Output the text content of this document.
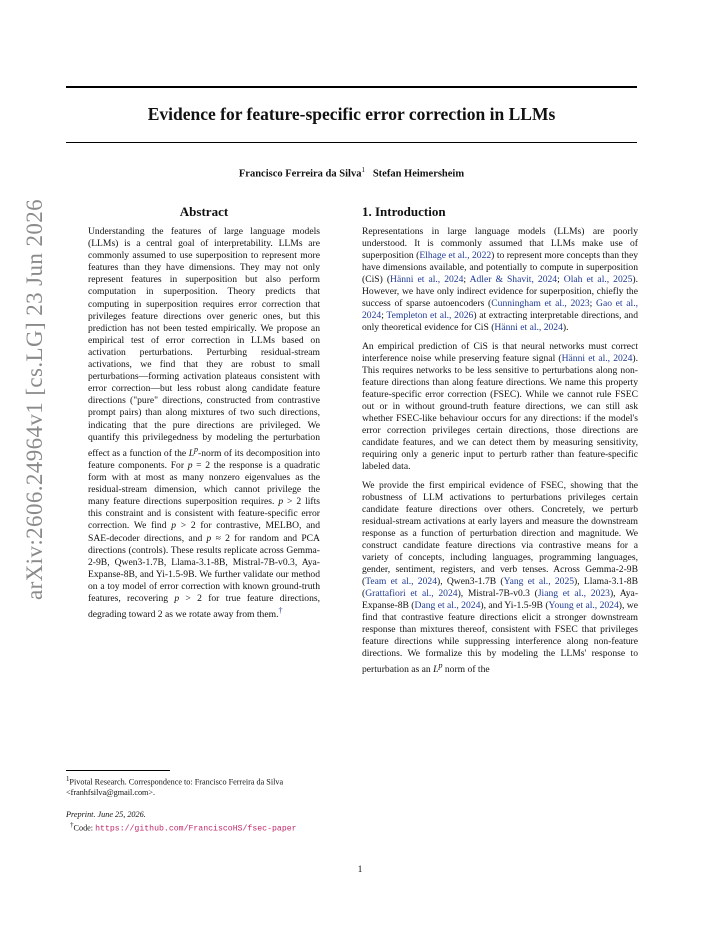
arXiv:2606.24964v1 [cs.LG] 23 Jun 2026
Evidence for feature-specific error correction in LLMs
Francisco Ferreira da Silva$^1$ Stefan Heimersheim
Abstract

Understanding the features of large language models (LLMs) is a central goal of interpretability. LLMs are commonly assumed to use superposition to represent more features than they have dimensions. They may not only represent features in superposition but also perform computation in superposition. Theory predicts that computing in superposition requires error correction that privileges feature directions over generic ones, but this prediction has not been tested empirically. We propose an empirical test of error correction in LLMs based on activation perturbations. Perturbing residual-stream activations, we find that they are robust to small perturbations—forming activation plateaus consistent with error correction—but less robust along candidate feature directions ("pure" directions, constructed from contrastive prompt pairs) than along mixtures of two such directions, indicating that the pure directions are privileged. We quantify this privilegedness by modeling the perturbation effect as a function of the $L^p$-norm of its decomposition into feature components. For p = 2 the response is a quadratic form with at most as many nonzero eigenvalues as the residual-stream dimension, which cannot privilege the many feature directions superposition requires. p > 2 lifts this constraint and is consistent with feature-specific error correction. We find p > 2 for contrastive, MELBO, and SAE-decoder directions, and p ≈ 2 for random and PCA directions (controls). These results replicate across Gemma-2-9B, Qwen3-1.7B, Llama-3.1-8B, Mistral-7B-v0.3, Aya-Expanse-8B, and Yi-1.5-9B. We further validate our method on a toy model of error correction with known ground-truth features, recovering p > 2 for true feature directions, degrading toward 2 as we rotate away from them.†

1. Introduction

Representations in large language models (LLMs) are poorly understood. It is commonly assumed that LLMs make use of superposition (Elhage et al., 2022) to represent more concepts than they have dimensions available, and potentially to compute in superposition (CiS) (Hänni et al., 2024; Adler & Shavit, 2024; Olah et al., 2025). However, we have only indirect evidence for superposition, chiefly the success of sparse autoencoders (Cunningham et al., 2023; Gao et al., 2024; Templeton et al., 2026) at extracting interpretable directions, and only theoretical evidence for CiS (Hänni et al., 2024).

An empirical prediction of CiS is that neural networks must correct interference noise while preserving feature signal (Hänni et al., 2024). This requires networks to be less sensitive to perturbations along non-feature directions than along feature directions. We name this property feature-specific error correction (FSEC). While we cannot rule FSEC out or in without ground-truth feature directions, we can still ask whether FSEC-like behaviour occurs for any directions: if the model's error correction privileges certain directions, those directions are candidate features, and we can detect them by measuring sensitivity, requiring only a generic input to perturb rather than feature-specific labeled data.

We provide the first empirical evidence of FSEC, showing that the robustness of LLM activations to perturbations privileges certain candidate feature directions over others. Concretely, we perturb residual-stream activations at early layers and measure the downstream response as a function of perturbation direction and magnitude. We construct candidate feature directions via contrastive means for a variety of concepts, including languages, programming languages, gender, sentiment, registers, and verb tenses. Across Gemma-2-9B (Team et al., 2024), Qwen3-1.7B (Yang et al., 2025), Llama-3.1-8B (Grattafiori et al., 2024), Mistral-7B-v0.3 (Jiang et al., 2023), Aya-Expanse-8B (Dang et al., 2024), and Yi-1.5-9B (Young et al., 2024), we find that contrastive feature directions elicit a stronger downstream response than mixtures thereof, consistent with FSEC that privileges feature directions while suppressing interference along non-feature directions. We formalize this by modeling the LLMs' response to perturbation as an $L^p$ norm of the

$^1$Pivotal Research. Correspondence to: Francisco Ferreira da Silva <franhfsilva@gmail.com>.
Preprint. June 25, 2026.
†Code: https://github.com/FranciscoHS/fsec-paper
1
